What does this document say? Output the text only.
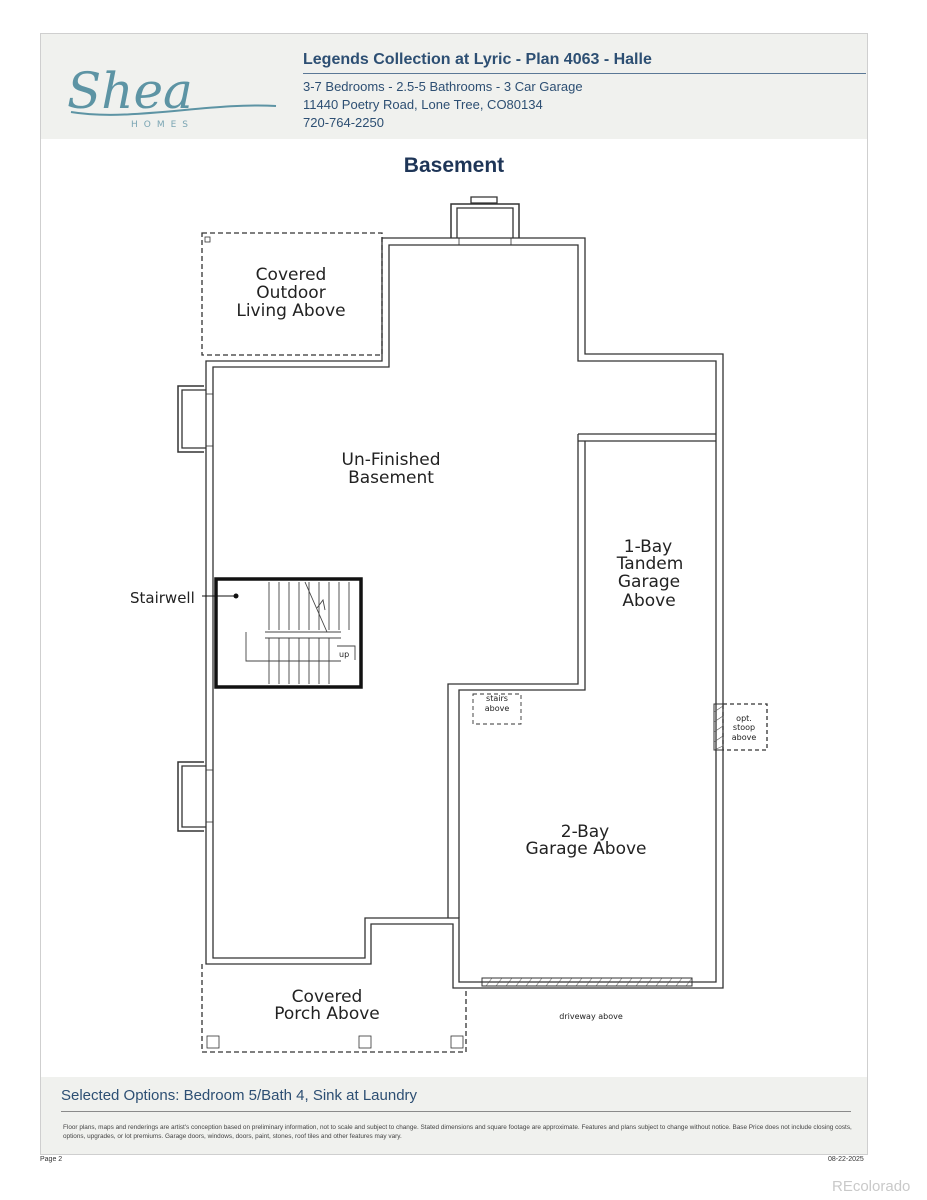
Shea
HOMES
Legends Collection at Lyric - Plan 4063 - Halle
3-7 Bedrooms - 2.5-5 Bathrooms - 3 Car Garage
11440 Poetry Road, Lone Tree, CO80134
720-764-2250
Basement
Covered
Outdoor
Living Above
Un-Finished
Basement
1-Bay
Tandem
Garage
Above
2-Bay
Garage Above
Covered
Porch Above
Stairwell
up
stairs
above
opt.
stoop
above
driveway above
Selected Options: Bedroom 5/Bath 4, Sink at Laundry
Floor plans, maps and renderings are artist's conception based on preliminary information, not to scale and subject to change. Stated dimensions and square footage are approximate. Features and plans subject to change without notice. Base Price does not include closing costs, options, upgrades, or lot premiums. Garage doors, windows, doors, paint, stones, roof tiles and other features may vary.
Page 2	08-22-2025
REcolorado
